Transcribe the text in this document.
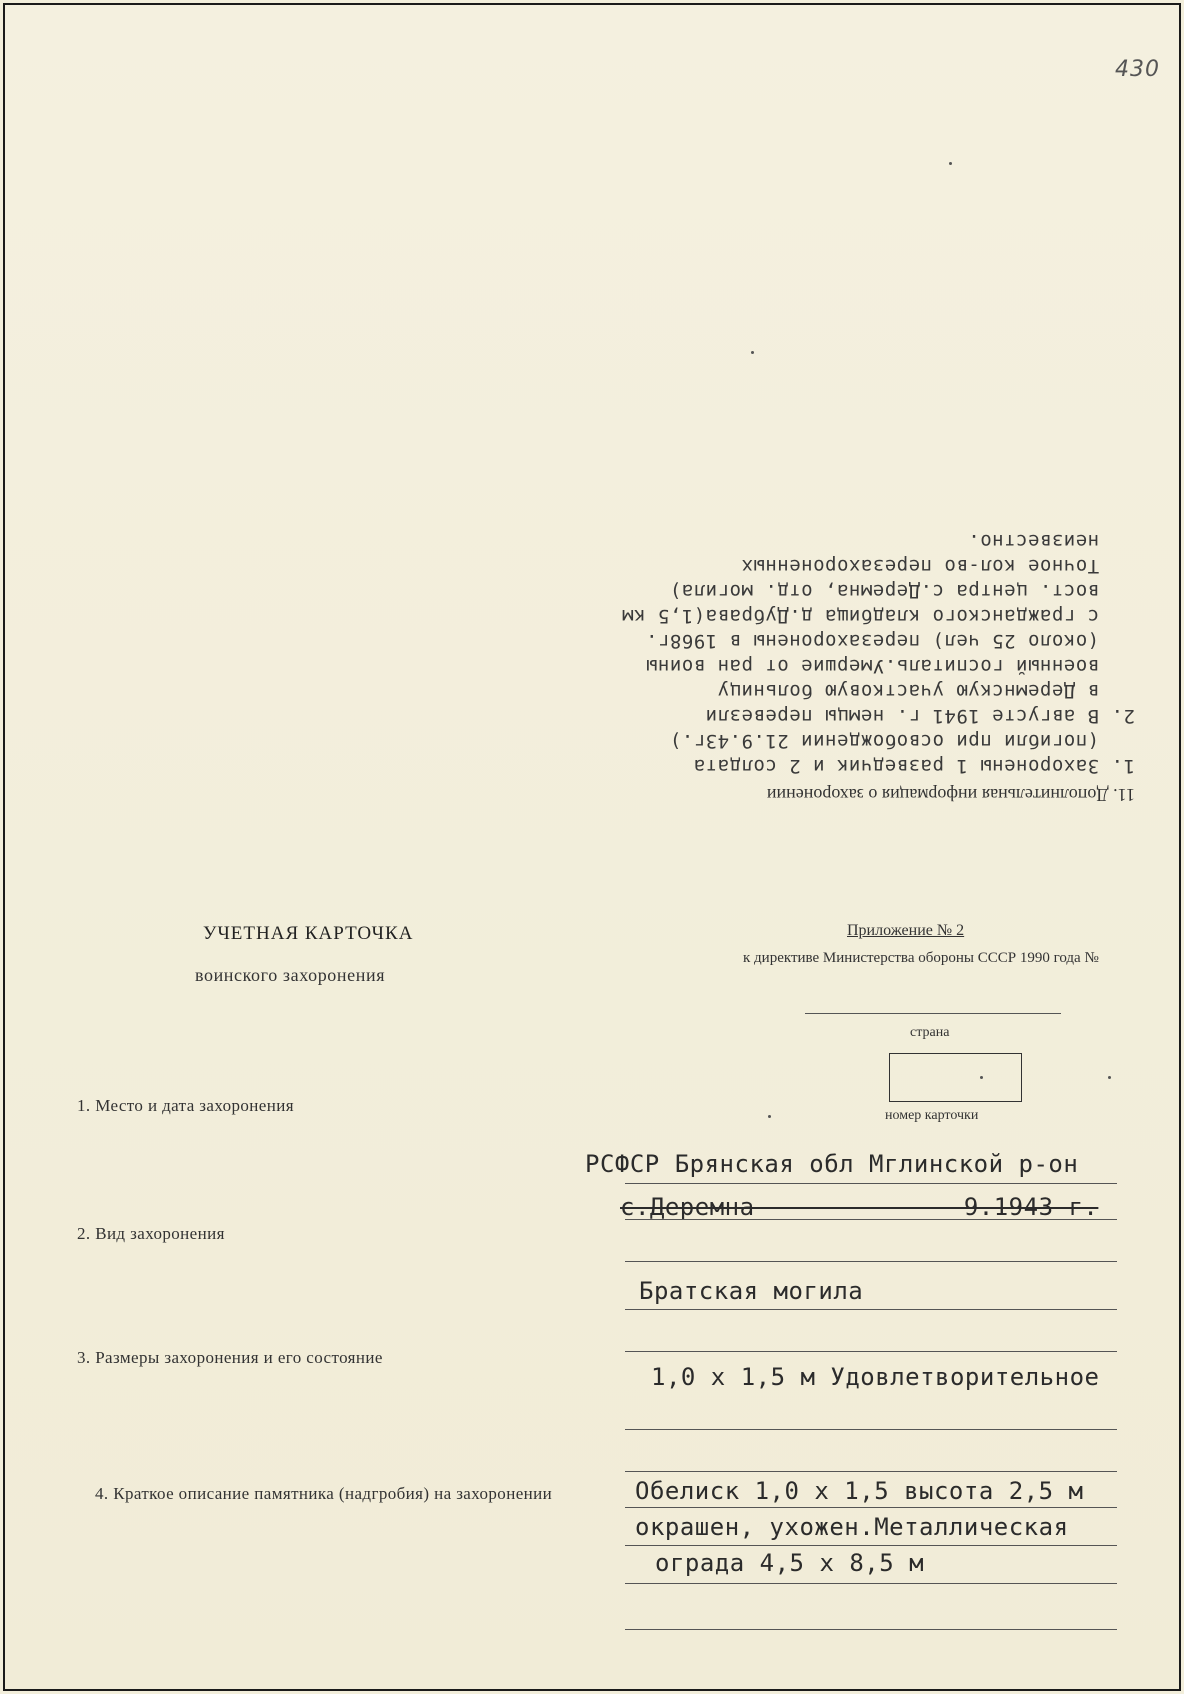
430
11. Дополнительная информация о захоронении
1. Захоронены 1 разведчик и 2 солдата
(погибли при освобождении 21.9.43г.)
2. В августе 1941 г. немцы перевезли
в Деремнскую участковую больницу
военный госпиталь.Умершие от ран воины
(около 25 чел) перезахоронены в 1968г.
с гражданского кладбища д.Дубрава(1,5 км
вост. центра с.Деремна, отд. могила)
Точное кол-во перезахороненных
неизвестно.
УЧЕТНАЯ КАРТОЧКА
воинского захоронения
Приложение № 2
к директиве Министерства обороны СССР 1990 года №
страна
номер карточки
1. Место и дата захоронения
РСФСР Брянская обл Мглинской р-он
с.Деремна              9.1943 г.
2. Вид захоронения
Братская могила
3. Размеры захоронения и его состояние
1,0 х 1,5 м Удовлетворительное
4. Краткое описание памятника (надгробия) на захоронении	Обелиск 1,0 х 1,5 высота 2,5 м
окрашен, ухожен.Металлическая
ограда 4,5 х 8,5 м
